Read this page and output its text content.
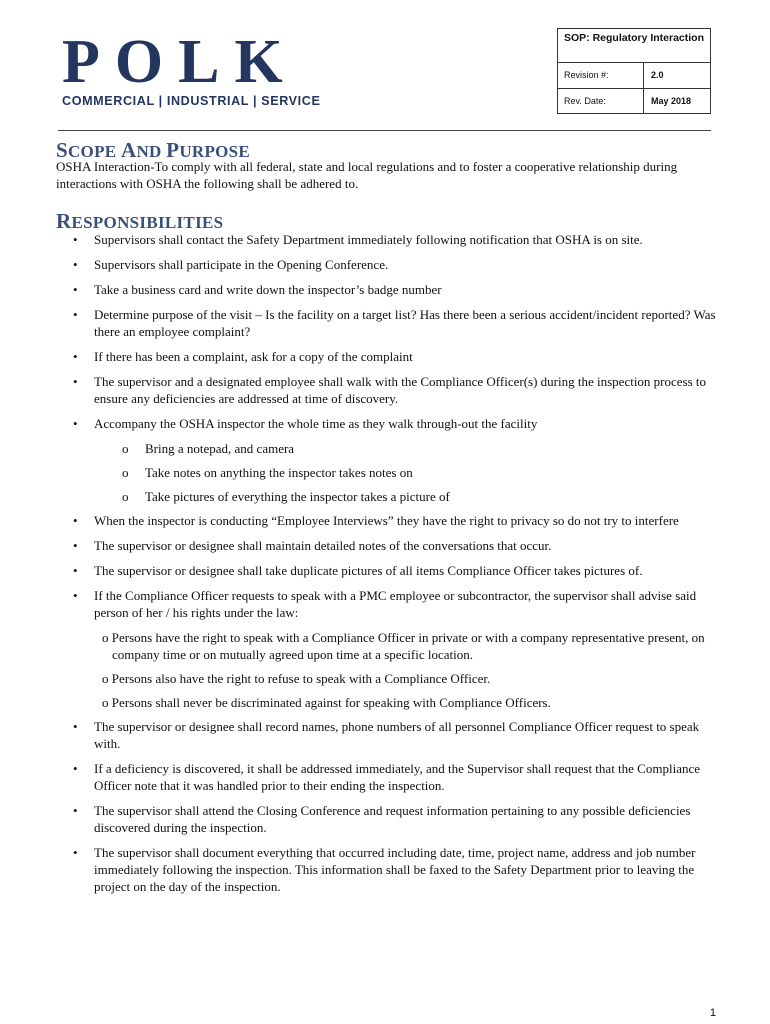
POLK
COMMERCIAL | INDUSTRIAL | SERVICE
SOP: Regulatory Interaction
Revision #:	2.0
Rev. Date:	May 2018
SCOPE AND PURPOSE
OSHA Interaction-To comply with all federal, state and local regulations and to foster a cooperative relationship during interactions with OSHA the following shall be adhered to.
RESPONSIBILITIES
• Supervisors shall contact the Safety Department immediately following notification that OSHA is on site.
• Supervisors shall participate in the Opening Conference.
• Take a business card and write down the inspector’s badge number
• Determine purpose of the visit – Is the facility on a target list? Has there been a serious accident/incident reported? Was there an employee complaint?
• If there has been a complaint, ask for a copy of the complaint
• The supervisor and a designated employee shall walk with the Compliance Officer(s) during the inspection process to ensure any deficiencies are addressed at time of discovery.
• Accompany the OSHA inspector the whole time as they walk through-out the facility
o Bring a notepad, and camera
o Take notes on anything the inspector takes notes on
o Take pictures of everything the inspector takes a picture of
• When the inspector is conducting “Employee Interviews” they have the right to privacy so do not try to interfere
• The supervisor or designee shall maintain detailed notes of the conversations that occur.
• The supervisor or designee shall take duplicate pictures of all items Compliance Officer takes pictures of.
• If the Compliance Officer requests to speak with a PMC employee or subcontractor, the supervisor shall advise said person of her / his rights under the law:
o Persons have the right to speak with a Compliance Officer in private or with a company representative present, on company time or on mutually agreed upon time at a specific location.
o Persons also have the right to refuse to speak with a Compliance Officer.
o Persons shall never be discriminated against for speaking with Compliance Officers.
• The supervisor or designee shall record names, phone numbers of all personnel Compliance Officer request to speak with.
• If a deficiency is discovered, it shall be addressed immediately, and the Supervisor shall request that the Compliance Officer note that it was handled prior to their ending the inspection.
• The supervisor shall attend the Closing Conference and request information pertaining to any possible deficiencies discovered during the inspection.
• The supervisor shall document everything that occurred including date, time, project name, address and job number immediately following the inspection. This information shall be faxed to the Safety Department prior to leaving the project on the day of the inspection.
1
